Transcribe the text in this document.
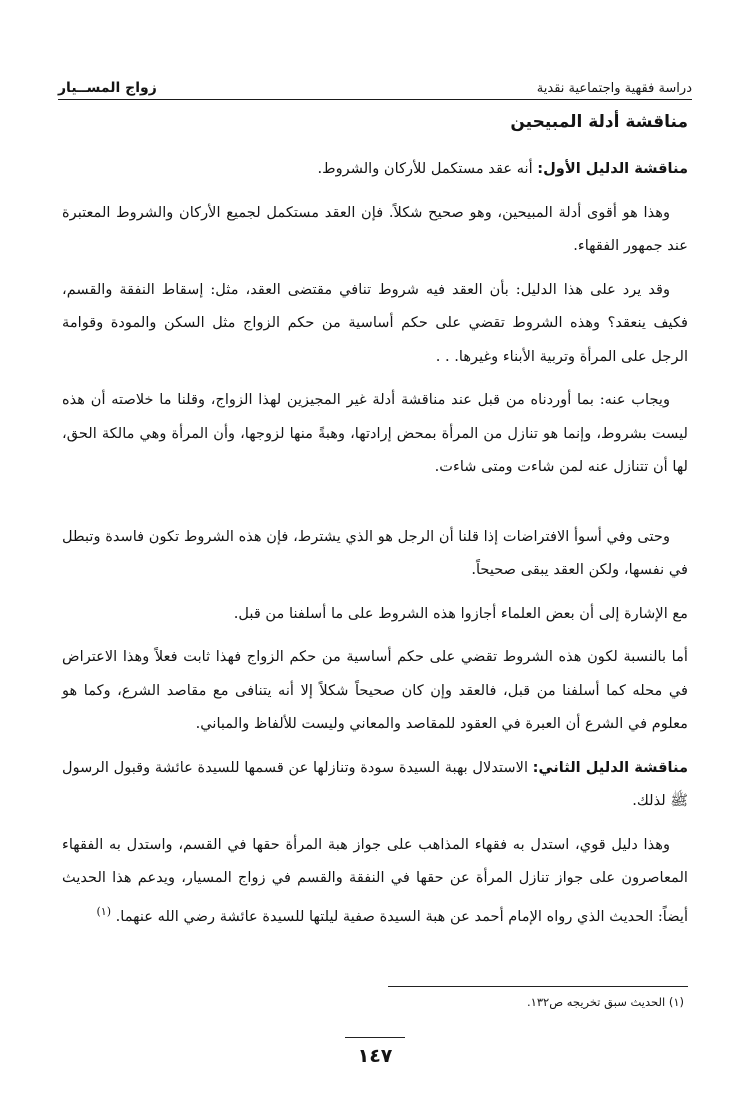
دراسة فقهية واجتماعية نقدية
زواج المســيار
مناقشة أدلة المبيحين

مناقشة الدليل الأول: أنه عقد مستكمل للأركان والشروط.

وهذا هو أقوى أدلة المبيحين، وهو صحيح شكلاً. فإن العقد مستكمل لجميع الأركان والشروط المعتبرة عند جمهور الفقهاء.

وقد يرد على هذا الدليل: بأن العقد فيه شروط تنافي مقتضى العقد، مثل: إسقاط النفقة والقسم، فكيف ينعقد؟ وهذه الشروط تقضي على حكم أساسية من حكم الزواج مثل السكن والمودة وقوامة الرجل على المرأة وتربية الأبناء وغيرها. . .

ويجاب عنه: بما أوردناه من قبل عند مناقشة أدلة غير المجيزين لهذا الزواج، وقلنا ما خلاصته أن هذه ليست بشروط، وإنما هو تنازل من المرأة بمحض إرادتها، وهبةً منها لزوجها، وأن المرأة وهي مالكة الحق، لها أن تتنازل عنه لمن شاءت ومتى شاءت.

وحتى وفي أسوأ الافتراضات إذا قلنا أن الرجل هو الذي يشترط، فإن هذه الشروط تكون فاسدة وتبطل في نفسها، ولكن العقد يبقى صحيحاً.

مع الإشارة إلى أن بعض العلماء أجازوا هذه الشروط على ما أسلفنا من قبل.

أما بالنسبة لكون هذه الشروط تقضي على حكم أساسية من حكم الزواج فهذا ثابت فعلاً وهذا الاعتراض في محله كما أسلفنا من قبل، فالعقد وإن كان صحيحاً شكلاً إلا أنه يتنافى مع مقاصد الشرع، وكما هو معلوم في الشرع أن العبرة في العقود للمقاصد والمعاني وليست للألفاظ والمباني.

مناقشة الدليل الثاني: الاستدلال بهبة السيدة سودة وتنازلها عن قسمها للسيدة عائشة وقبول الرسول ﷺ لذلك.

وهذا دليل قوي، استدل به فقهاء المذاهب على جواز هبة المرأة حقها في القسم، واستدل به الفقهاء المعاصرون على جواز تنازل المرأة عن حقها في النفقة والقسم في زواج المسيار، ويدعم هذا الحديث أيضاً: الحديث الذي رواه الإمام أحمد عن هبة السيدة صفية ليلتها للسيدة عائشة رضي الله عنهما. $^{(١)}$

(١) الحديث سبق تخريجه ص١٣٢.
١٤٧
